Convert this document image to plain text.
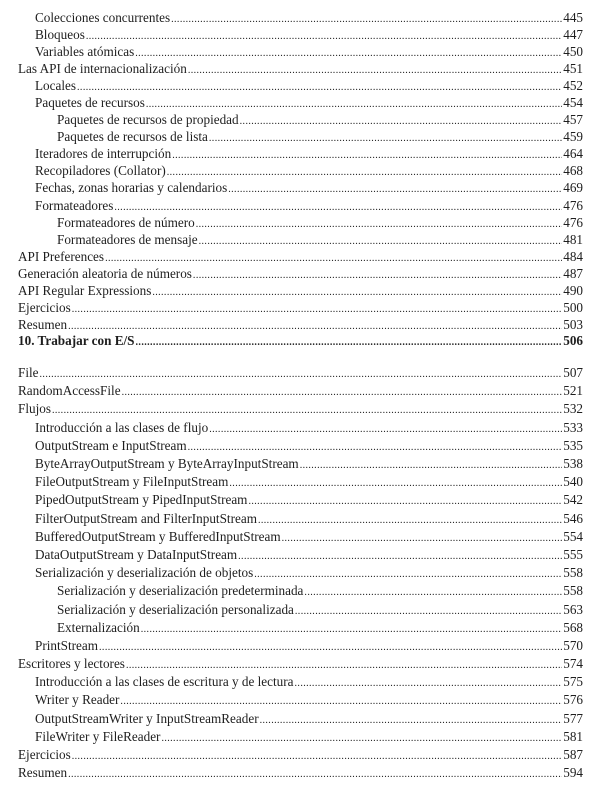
Colecciones concurrentes .....	445
Bloqueos .....	447
Variables atómicas .....	450
Las API de internacionalización .....	451
Locales .....	452
Paquetes de recursos .....	454
Paquetes de recursos de propiedad .....	457
Paquetes de recursos de lista .....	459
Iteradores de interrupción .....	464
Recopiladores (Collator) .....	468
Fechas, zonas horarias y calendarios .....	469
Formateadores .....	476
Formateadores de número .....	476
Formateadores de mensaje .....	481
API Preferences .....	484
Generación aleatoria de números .....	487
API Regular Expressions .....	490
Ejercicios .....	500
Resumen .....	503
10. Trabajar con E/S .....	506
File .....	507
RandomAccessFile .....	521
Flujos .....	532
Introducción a las clases de flujo .....	533
OutputStream e InputStream .....	535
ByteArrayOutputStream y ByteArrayInputStream .....	538
FileOutputStream y FileInputStream .....	540
PipedOutputStream y PipedInputStream .....	542
FilterOutputStream and FilterInputStream .....	546
BufferedOutputStream y BufferedInputStream .....	554
DataOutputStream y DataInputStream .....	555
Serialización y deserialización de objetos .....	558
Serialización y deserialización predeterminada .....	558
Serialización y deserialización personalizada .....	563
Externalización .....	568
PrintStream .....	570
Escritores y lectores .....	574
Introducción a las clases de escritura y de lectura .....	575
Writer y Reader .....	576
OutputStreamWriter y InputStreamReader .....	577
FileWriter y FileReader .....	581
Ejercicios .....	587
Resumen .....	594
